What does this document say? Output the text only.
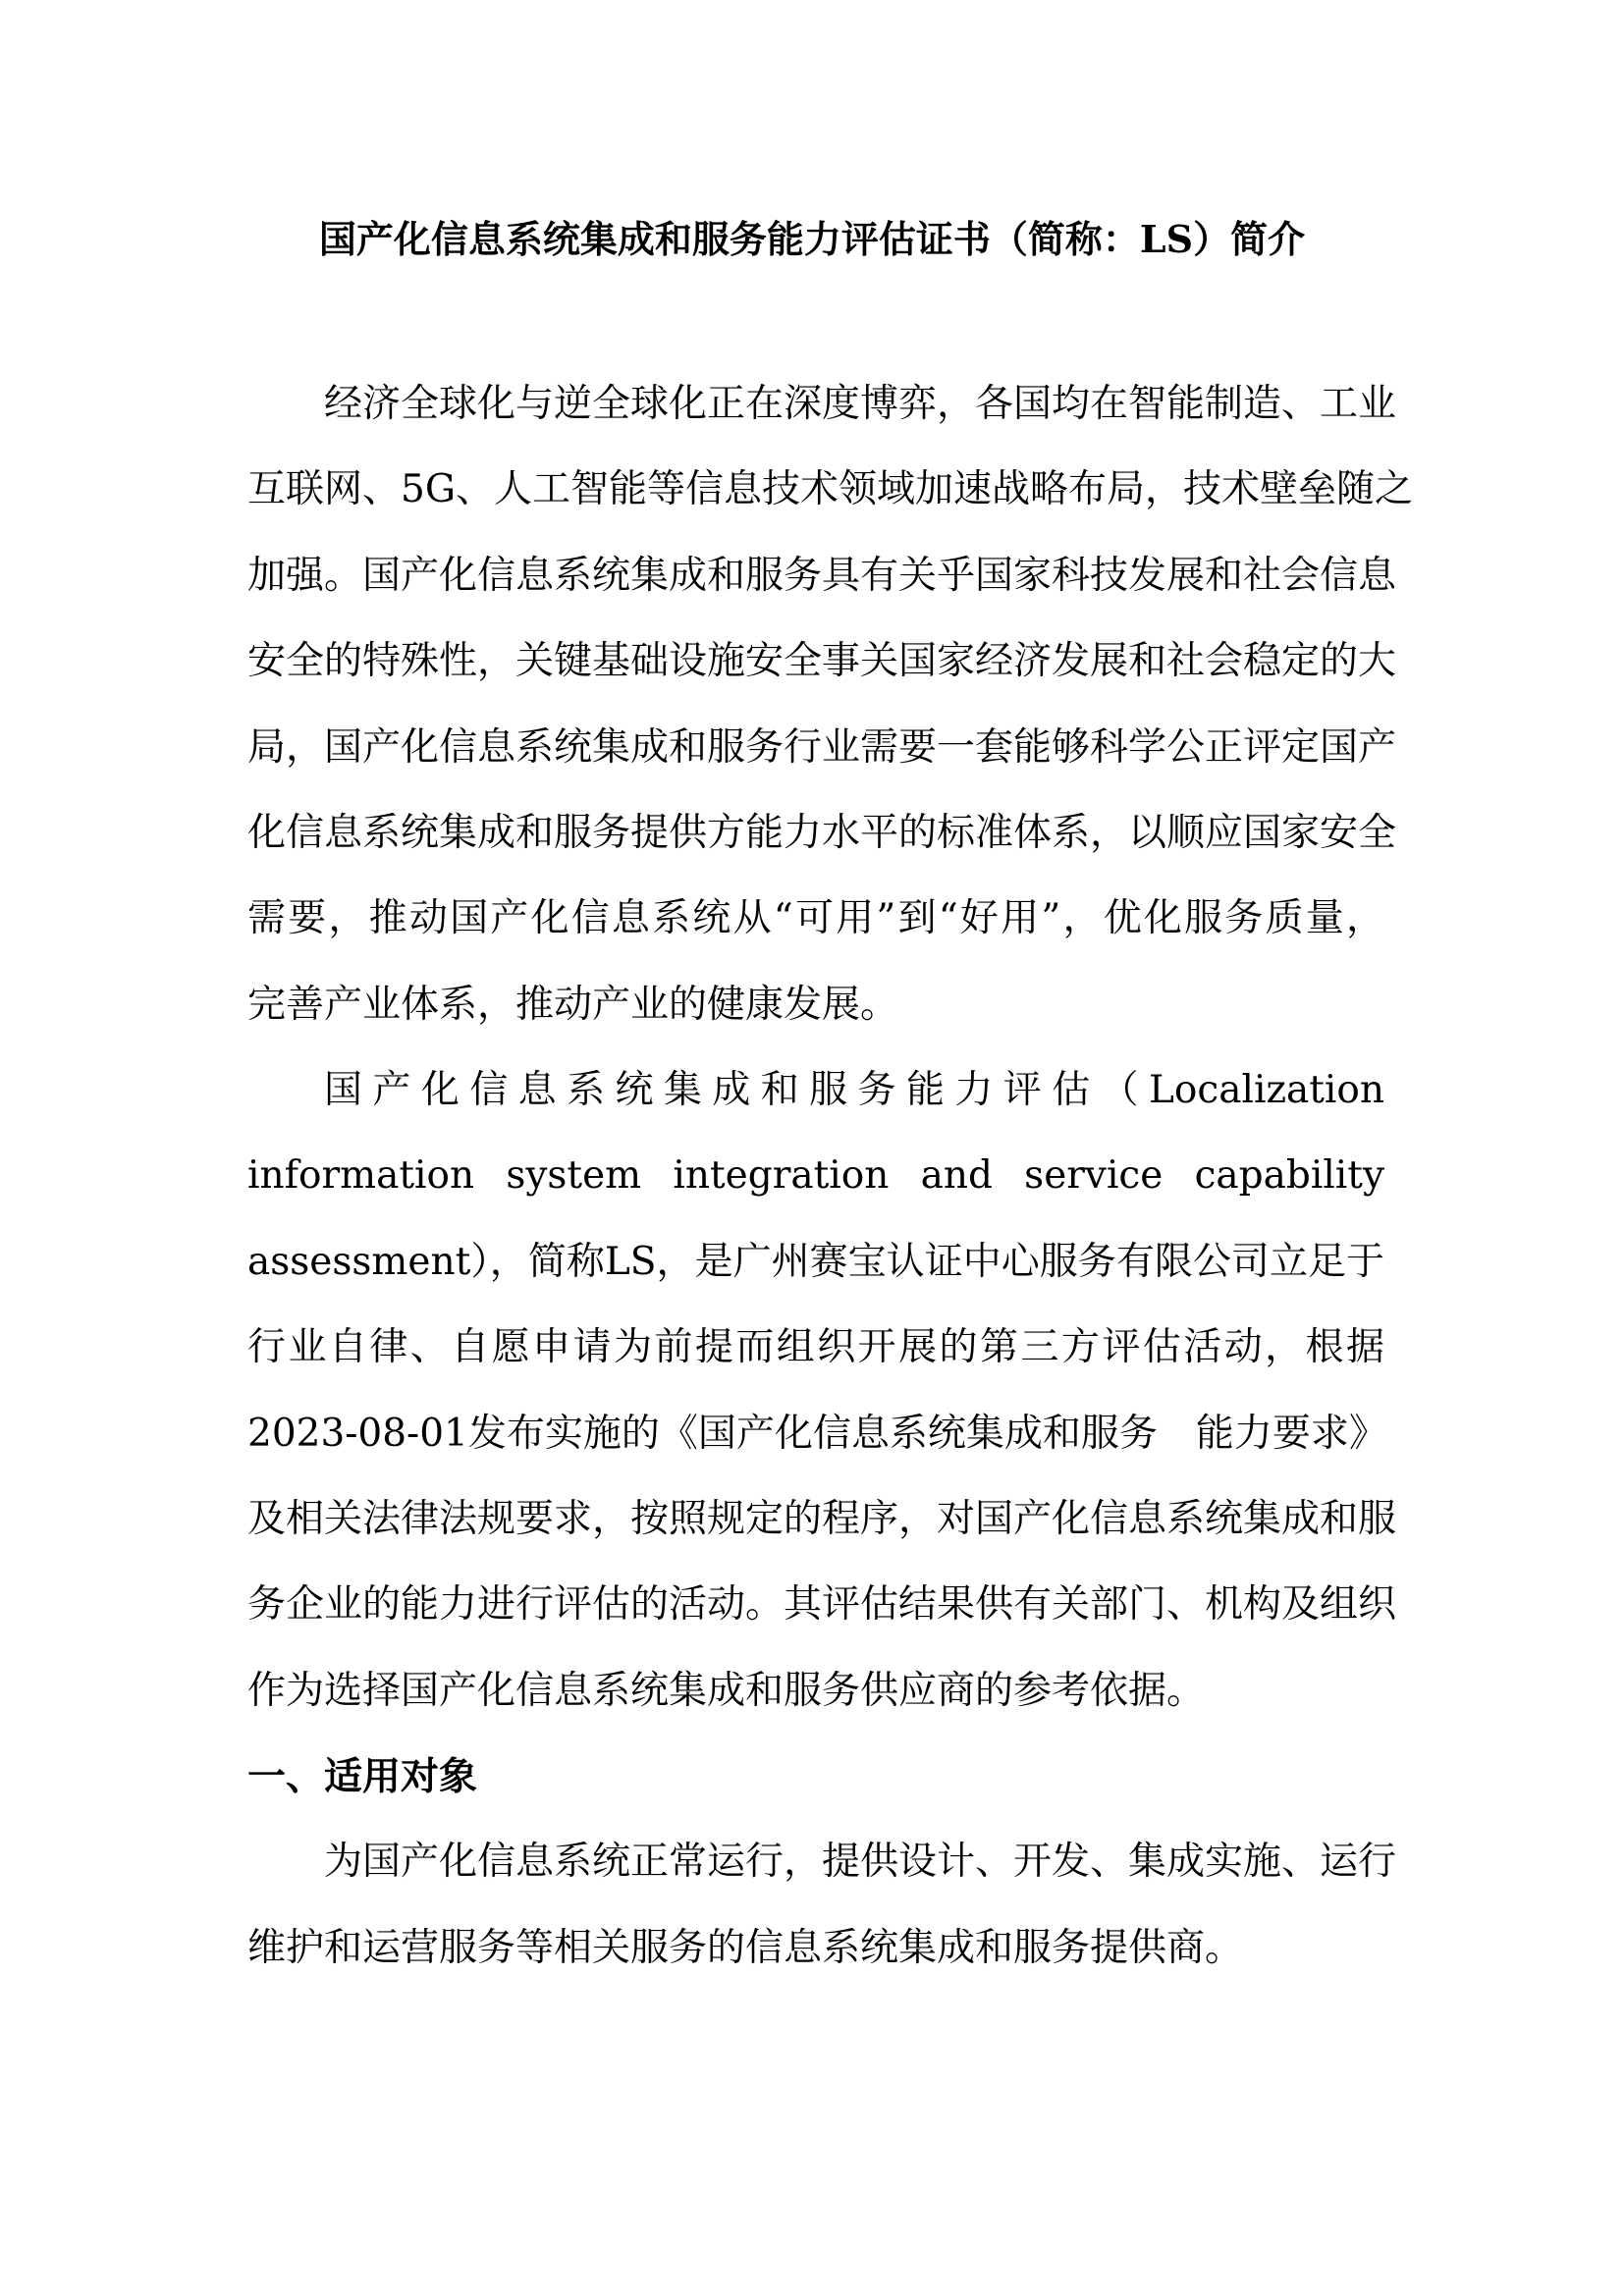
国产化信息系统集成和服务能力评估证书（简称：LS）简介
经济全球化与逆全球化正在深度博弈，各国均在智能制造、工业
互联网、5G、人工智能等信息技术领域加速战略布局，技术壁垒随之
加强。国产化信息系统集成和服务具有关乎国家科技发展和社会信息
安全的特殊性，关键基础设施安全事关国家经济发展和社会稳定的大
局，国产化信息系统集成和服务行业需要一套能够科学公正评定国产
化信息系统集成和服务提供方能力水平的标准体系，以顺应国家安全
需要，推动国产化信息系统从“可用”到“好用”，优化服务质量，
完善产业体系，推动产业的健康发展。
国产化信息系统集成和服务能力评估（Localization
information system integration and service capability
assessment），简称LS，是广州赛宝认证中心服务有限公司立足于
行业自律、自愿申请为前提而组织开展的第三方评估活动，根据
2023-08-01发布实施的《国产化信息系统集成和服务　能力要求》
及相关法律法规要求，按照规定的程序，对国产化信息系统集成和服
务企业的能力进行评估的活动。其评估结果供有关部门、机构及组织
作为选择国产化信息系统集成和服务供应商的参考依据。
一、适用对象
为国产化信息系统正常运行，提供设计、开发、集成实施、运行
维护和运营服务等相关服务的信息系统集成和服务提供商。
